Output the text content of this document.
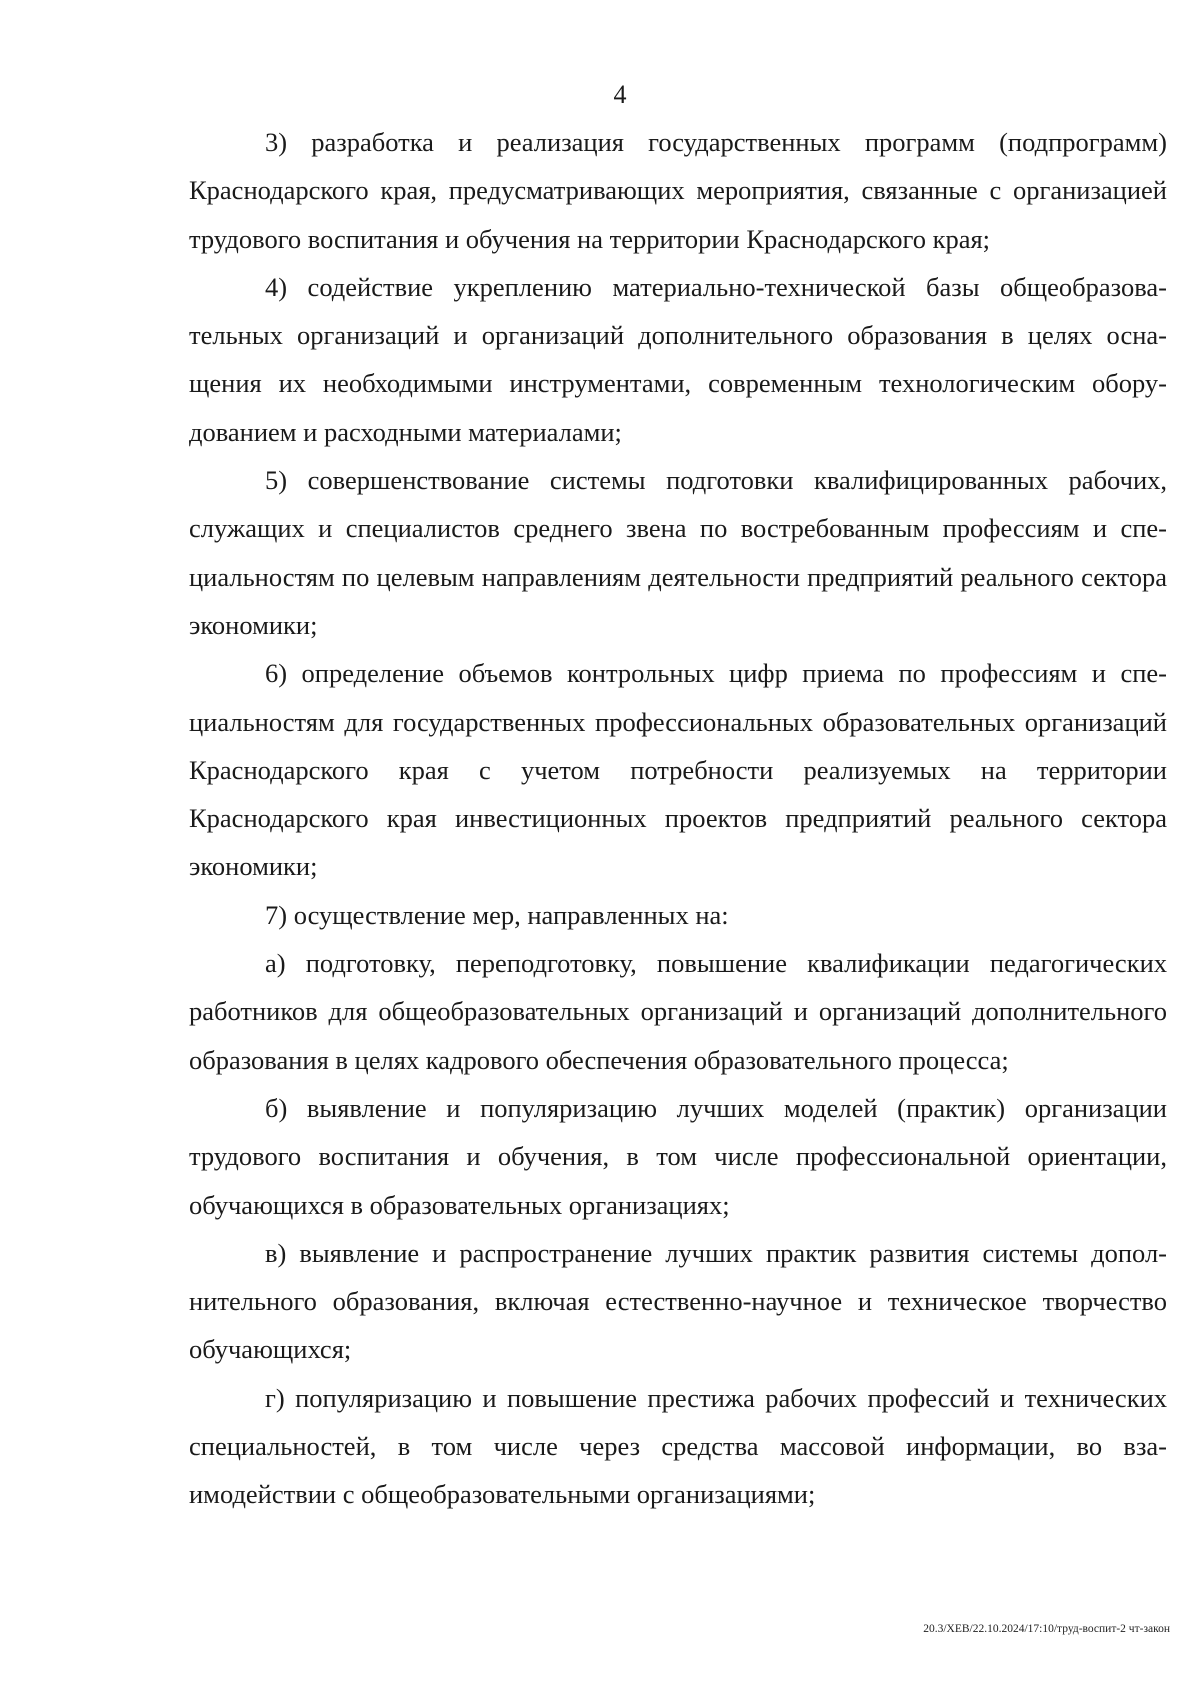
4

3) разработка и реализация государственных программ (подпрограмм) Краснодарского края, предусматривающих мероприятия, связанные с организацией трудового воспитания и обучения на территории Краснодарского края;

4) содействие укреплению материально-технической базы общеобразовательных организаций и организаций дополнительного образования в целях оснащения их необходимыми инструментами, современным технологическим оборудованием и расходными материалами;

5) совершенствование системы подготовки квалифицированных рабочих, служащих и специалистов среднего звена по востребованным профессиям и специальностям по целевым направлениям деятельности предприятий реального сектора экономики;

6) определение объемов контрольных цифр приема по профессиям и специальностям для государственных профессиональных образовательных организаций Краснодарского края с учетом потребности реализуемых на территории Краснодарского края инвестиционных проектов предприятий реального сектора экономики;

7) осуществление мер, направленных на:

а) подготовку, переподготовку, повышение квалификации педагогических работников для общеобразовательных организаций и организаций дополнительного образования в целях кадрового обеспечения образовательного процесса;

б) выявление и популяризацию лучших моделей (практик) организации трудового воспитания и обучения, в том числе профессиональной ориентации, обучающихся в образовательных организациях;

в) выявление и распространение лучших практик развития системы дополнительного образования, включая естественно-научное и техническое творчество обучающихся;

г) популяризацию и повышение престижа рабочих профессий и технических специальностей, в том числе через средства массовой информации, во взаимодействии с общеобразовательными организациями;

20.3/ХЕВ/22.10.2024/17:10/труд-воспит-2 чт-закон
